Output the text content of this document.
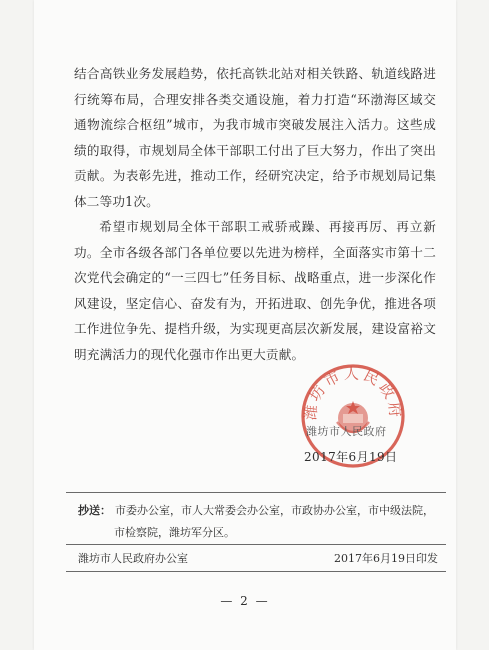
结合高铁业务发展趋势，依托高铁北站对相关铁路、轨道线路进行统筹布局，合理安排各类交通设施，着力打造“环渤海区域交通物流综合枢纽”城市，为我市城市突破发展注入活力。这些成绩的取得，市规划局全体干部职工付出了巨大努力，作出了突出贡献。为表彰先进，推动工作，经研究决定，给予市规划局记集体二等功1次。

希望市规划局全体干部职工戒骄戒躁、再接再厉、再立新功。全市各级各部门各单位要以先进为榜样，全面落实市第十二次党代会确定的“一三四七”任务目标、战略重点，进一步深化作风建设，坚定信心、奋发有为，开拓进取、创先争优，推进各项工作进位争先、提档升级，为实现更高层次新发展，建设富裕文明充满活力的现代化强市作出更大贡献。

潍坊市人民政府
潍坊市人民政府
2017年6月19日
抄送： 市委办公室，市人大常委会办公室，市政协办公室，市中级法院，
市检察院，潍坊军分区。
潍坊市人民政府办公室	2017年6月19日印发
— 2 —
